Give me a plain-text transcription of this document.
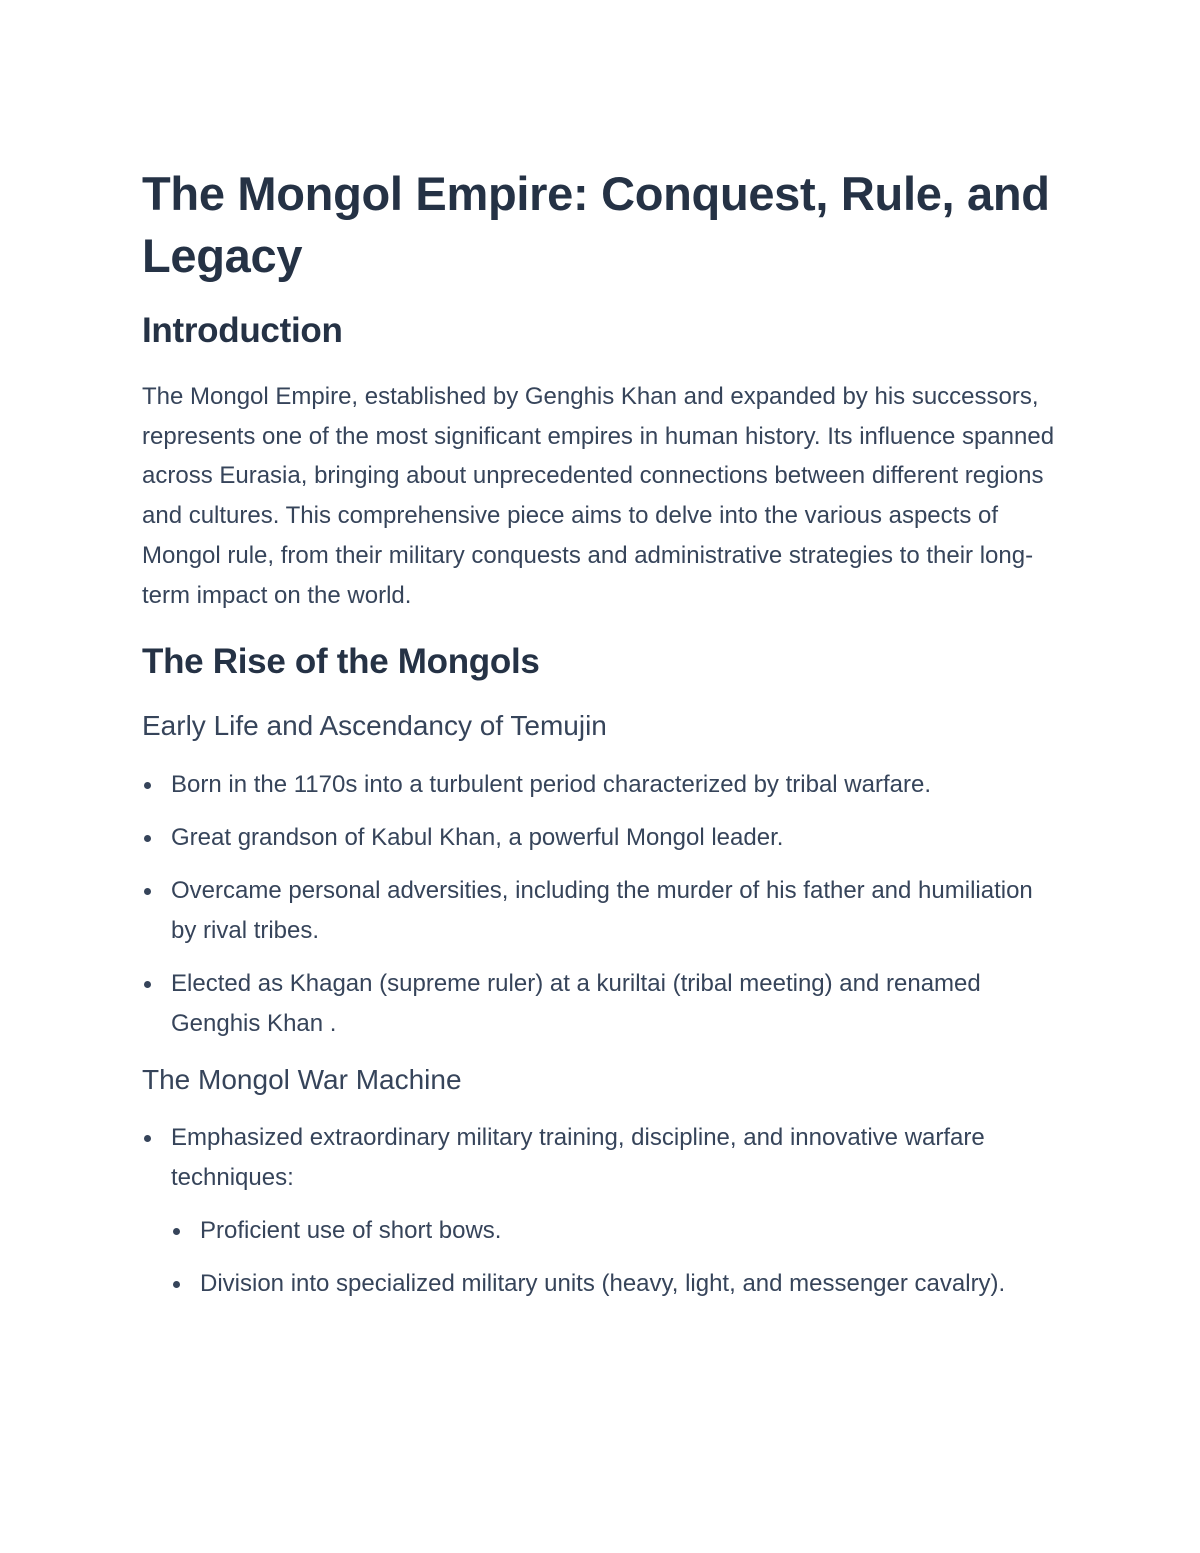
The Mongol Empire: Conquest, Rule, and Legacy
Introduction

The Mongol Empire, established by Genghis Khan and expanded by his successors, represents one of the most significant empires in human history. Its influence spanned across Eurasia, bringing about unprecedented connections between different regions and cultures. This comprehensive piece aims to delve into the various aspects of Mongol rule, from their military conquests and administrative strategies to their long-term impact on the world.

The Rise of the Mongols
Early Life and Ascendancy of Temujin
Born in the 1170s into a turbulent period characterized by tribal warfare.
Great grandson of Kabul Khan, a powerful Mongol leader.
Overcame personal adversities, including the murder of his father and humiliation by rival tribes.
Elected as Khagan (supreme ruler) at a kuriltai (tribal meeting) and renamed Genghis Khan .
The Mongol War Machine
Emphasized extraordinary military training, discipline, and innovative warfare techniques:
Proficient use of short bows.
Division into specialized military units (heavy, light, and messenger cavalry).
